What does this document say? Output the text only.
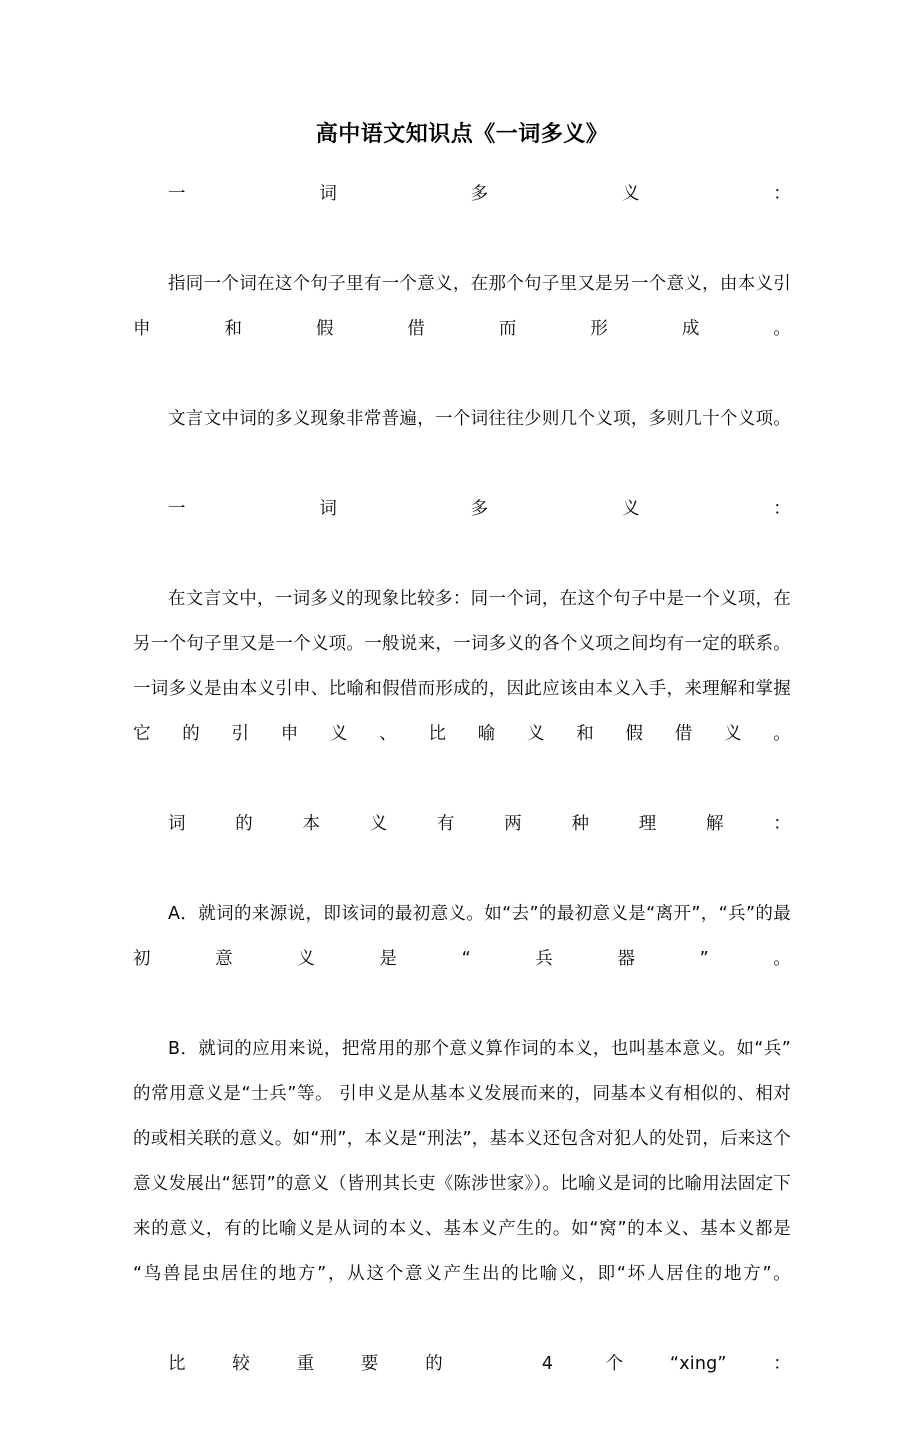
高中语文知识点《一词多义》

一词多义：

指同一个词在这个句子里有一个意义，在那个句子里又是另一个意义，由本义引申和假借而形成。

文言文中词的多义现象非常普遍，一个词往往少则几个义项，多则几十个义项。

一词多义：

在文言文中，一词多义的现象比较多：同一个词，在这个句子中是一个义项，在另一个句子里又是一个义项。一般说来，一词多义的各个义项之间均有一定的联系。 一词多义是由本义引申、比喻和假借而形成的，因此应该由本义入手，来理解和掌握它的引申义、比喻义和假借义。

词的本义有两种理解：

A．就词的来源说，即该词的最初意义。如“去”的最初意义是“离开”，“兵”的最初意义是“兵器”。

B．就词的应用来说，把常用的那个意义算作词的本义，也叫基本意义。如“兵”的常用意义是“士兵”等。 引申义是从基本义发展而来的，同基本义有相似的、相对的或相关联的意义。如“刑”，本义是“刑法”，基本义还包含对犯人的处罚，后来这个意义发展出“惩罚”的意义（皆刑其长吏《陈涉世家》）。比喻义是词的比喻用法固定下来的意义，有的比喻义是从词的本义、基本义产生的。如“窝”的本义、基本义都是“鸟兽昆虫居住的地方”，从这个意义产生出的比喻义，即“坏人居住的地方”。

比较重要的 4 个“xing”：
